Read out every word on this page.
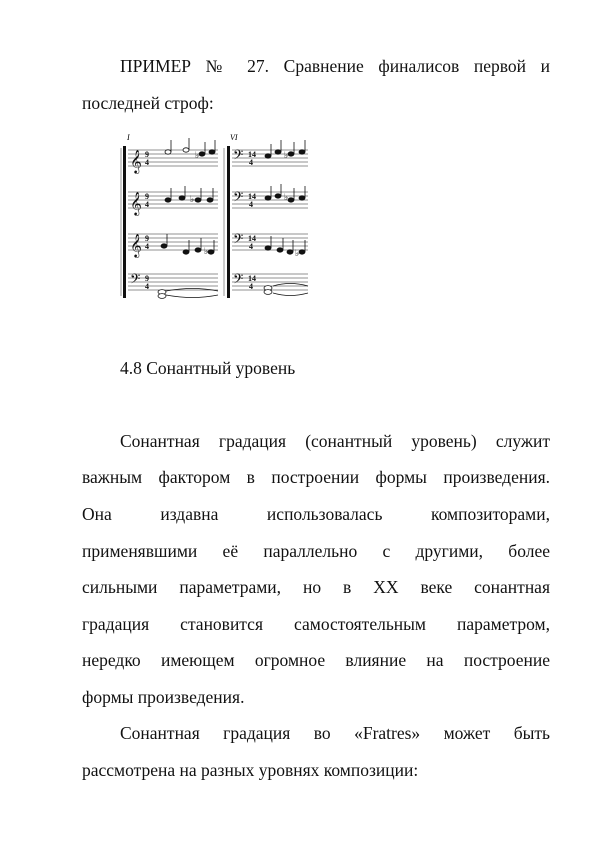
ПРИМЕР № 27. Сравнение финалисов первой и
последней строф:
I	VI
𝄞
𝄞
𝄞
𝄢
𝄢
𝄢
𝄢
𝄢
9
4
9
4
9
4
9
4
14
4
14
4
14
4
14
4
♭
♭
♭
♭
♭
♭
4.8 Сонантный уровень
Сонантная градация (сонантный уровень) служит
важным фактором в построении формы произведения.
Она издавна использовалась композиторами,
применявшими её параллельно с другими, более
сильными параметрами, но в XX веке сонантная
градация становится самостоятельным параметром,
нередко имеющем огромное влияние на построение
формы произведения.
Сонантная градация во «Fratres» может быть
рассмотрена на разных уровнях композиции:
